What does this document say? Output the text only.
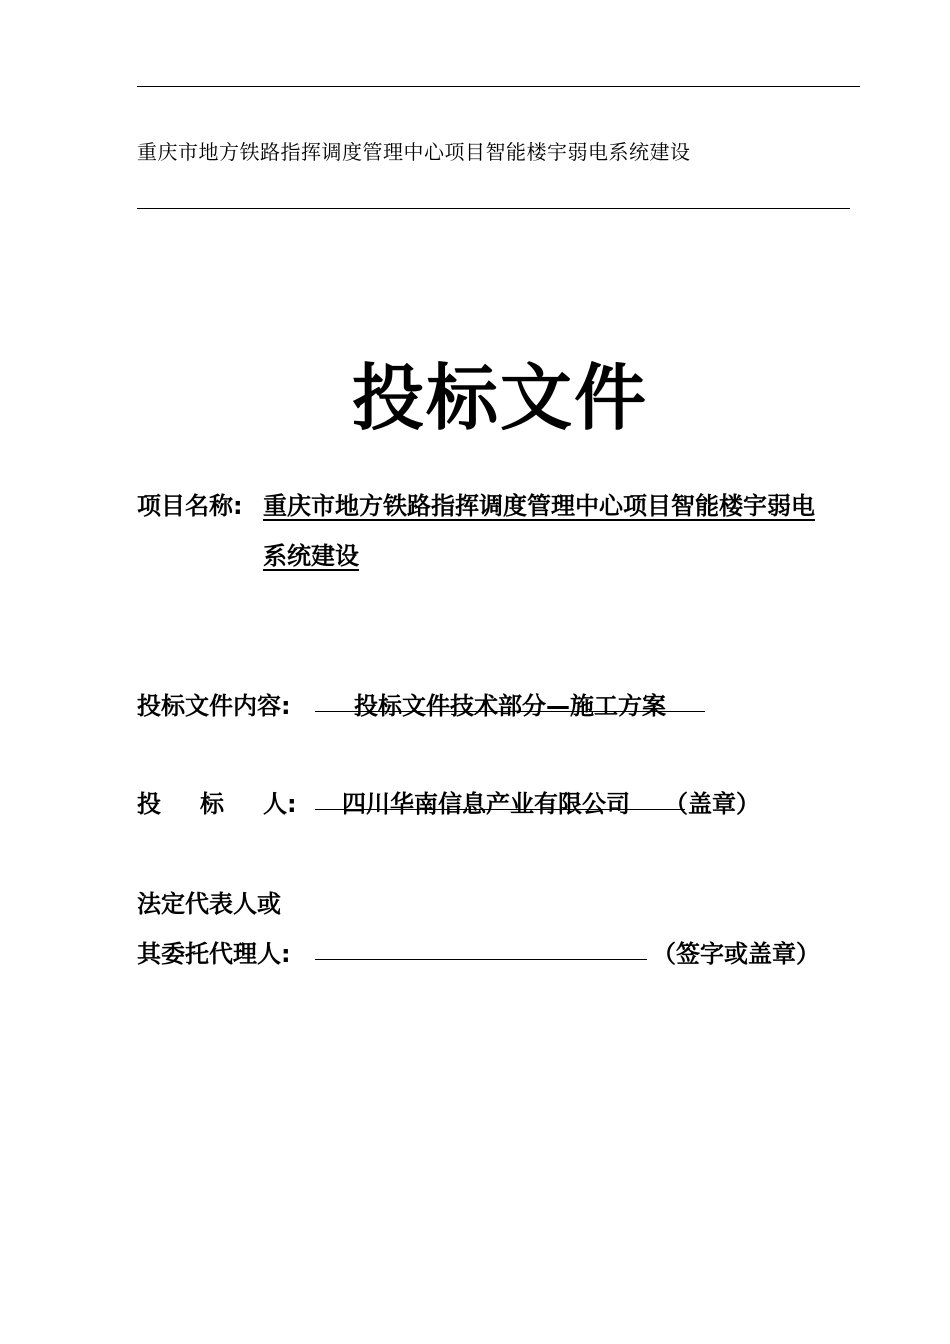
重庆市地方铁路指挥调度管理中心项目智能楼宇弱电系统建设
投标文件
项目名称: 重庆市地方铁路指挥调度管理中心项目智能楼宇弱电
系统建设
投标文件内容:	投标文件技术部分—施工方案
投 标 人: 四川华南信息产业有限公司 （盖章）
法定代表人或
其委托代理人:	（签字或盖章）
